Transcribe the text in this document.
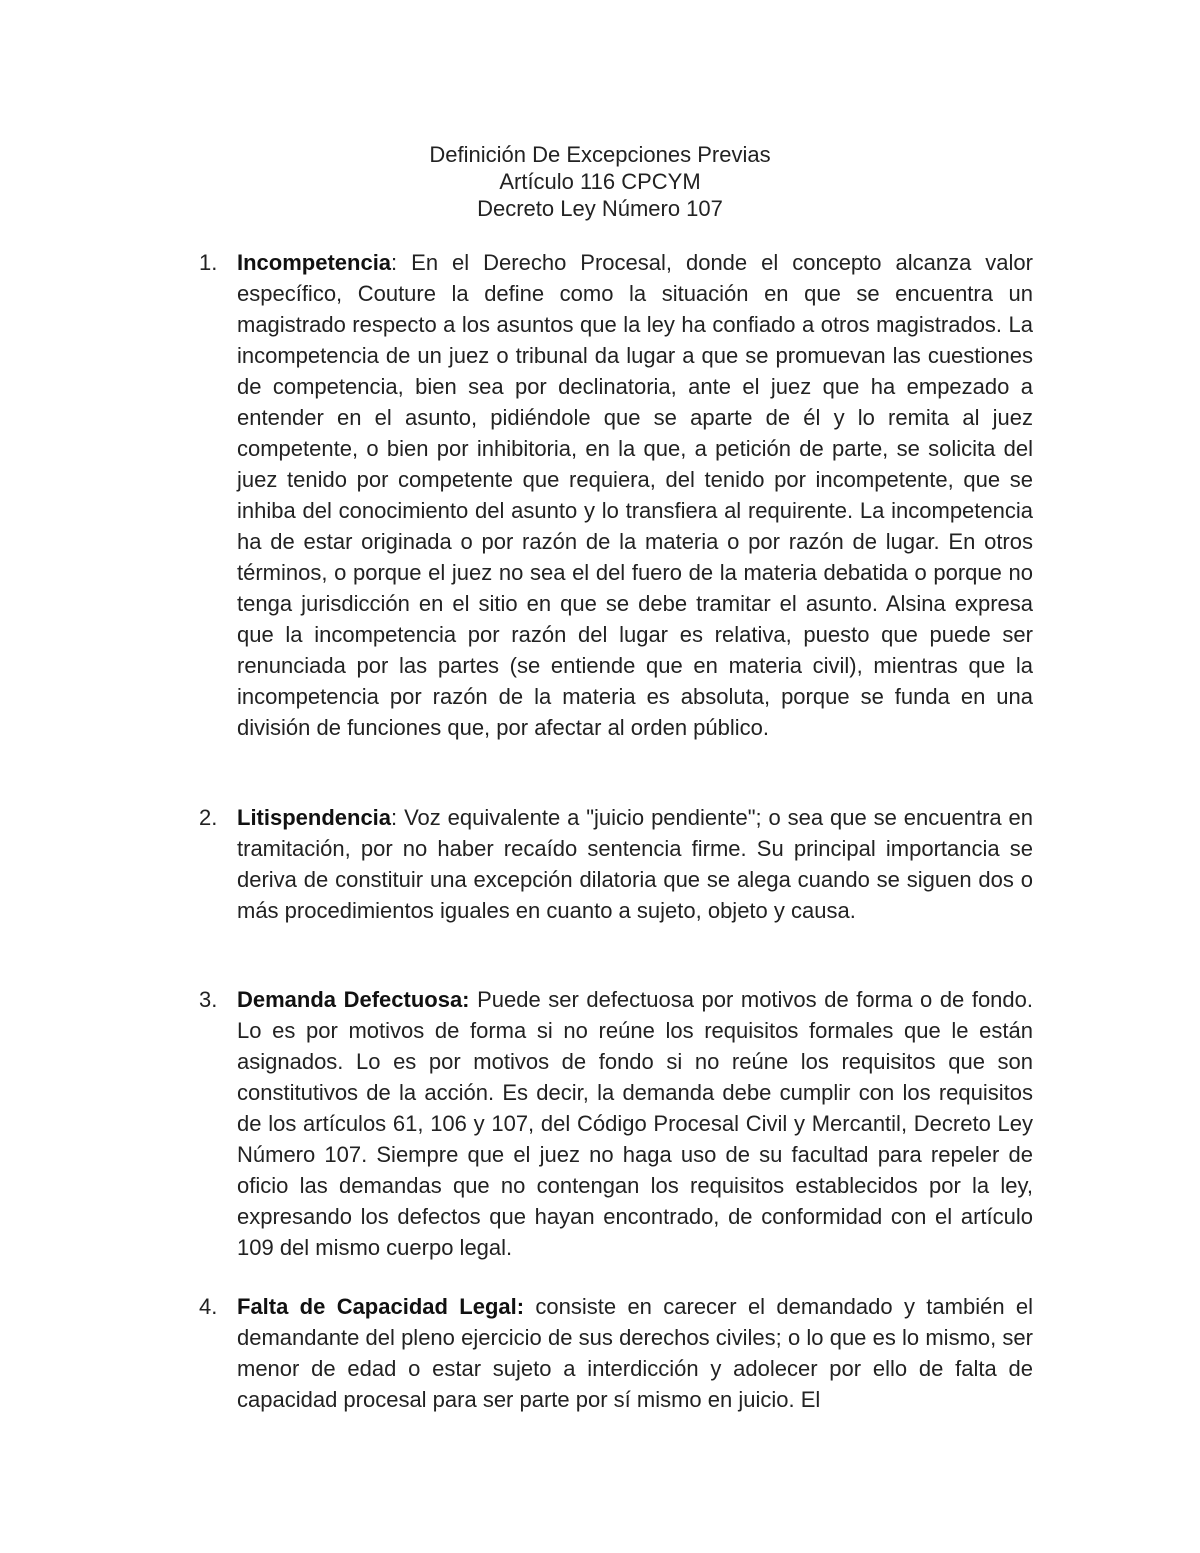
Definición De Excepciones Previas
Artículo 116 CPCYM
Decreto Ley Número 107
1. Incompetencia: En el Derecho Procesal, donde el concepto alcanza valor específico, Couture la define como la situación en que se encuentra un magistrado respecto a los asuntos que la ley ha confiado a otros magistrados. La incompetencia de un juez o tribunal da lugar a que se promuevan las cuestiones de competencia, bien sea por declinatoria, ante el juez que ha empezado a entender en el asunto, pidiéndole que se aparte de él y lo remita al juez competente, o bien por inhibitoria, en la que, a petición de parte, se solicita del juez tenido por competente que requiera, del tenido por incompetente, que se inhiba del conocimiento del asunto y lo transfiera al requirente. La incompetencia ha de estar originada o por razón de la materia o por razón de lugar. En otros términos, o porque el juez no sea el del fuero de la materia debatida o porque no tenga jurisdicción en el sitio en que se debe tramitar el asunto. Alsina expresa que la incompetencia por razón del lugar es relativa, puesto que puede ser renunciada por las partes (se entiende que en materia civil), mientras que la incompetencia por razón de la materia es absoluta, porque se funda en una división de funciones que, por afectar al orden público.
2. Litispendencia: Voz equivalente a "juicio pendiente"; o sea que se encuentra en tramitación, por no haber recaído sentencia firme. Su principal importancia se deriva de constituir una excepción dilatoria que se alega cuando se siguen dos o más procedimientos iguales en cuanto a sujeto, objeto y causa.
3. Demanda Defectuosa: Puede ser defectuosa por motivos de forma o de fondo. Lo es por motivos de forma si no reúne los requisitos formales que le están asignados. Lo es por motivos de fondo si no reúne los requisitos que son constitutivos de la acción. Es decir, la demanda debe cumplir con los requisitos de los artículos 61, 106 y 107, del Código Procesal Civil y Mercantil, Decreto Ley Número 107. Siempre que el juez no haga uso de su facultad para repeler de oficio las demandas que no contengan los requisitos establecidos por la ley, expresando los defectos que hayan encontrado, de conformidad con el artículo 109 del mismo cuerpo legal.
4. Falta de Capacidad Legal: consiste en carecer el demandado y también el demandante del pleno ejercicio de sus derechos civiles; o lo que es lo mismo, ser menor de edad o estar sujeto a interdicción y adolecer por ello de falta de capacidad procesal para ser parte por sí mismo en juicio. El
